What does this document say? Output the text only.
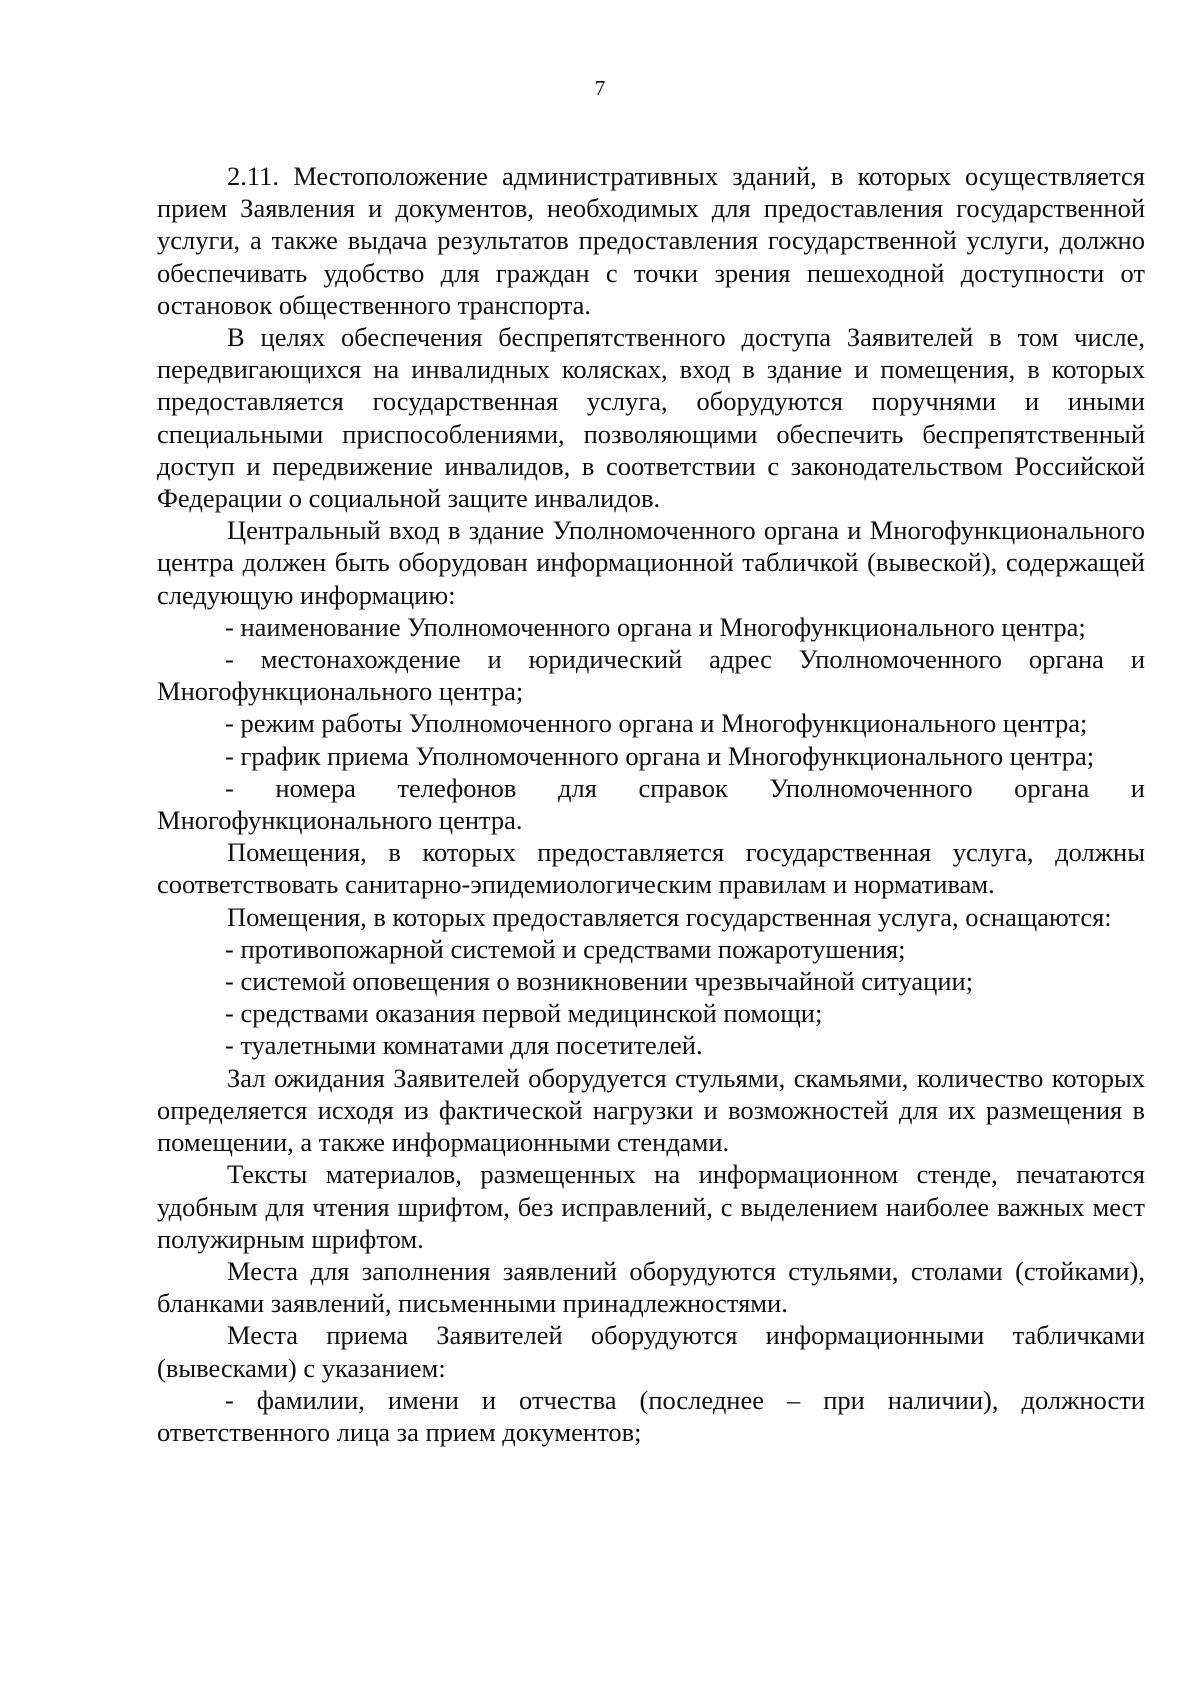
7

2.11. Местоположение административных зданий, в которых осуществляется прием Заявления и документов, необходимых для предоставления государственной услуги, а также выдача результатов предоставления государственной услуги, должно обеспечивать удобство для граждан с точки зрения пешеходной доступности от остановок общественного транспорта.

В целях обеспечения беспрепятственного доступа Заявителей в том числе, передвигающихся на инвалидных колясках, вход в здание и помещения, в которых предоставляется государственная услуга, оборудуются поручнями и иными специальными приспособлениями, позволяющими обеспечить беспрепятственный доступ и передвижение инвалидов, в соответствии с законодательством Российской Федерации о социальной защите инвалидов.

Центральный вход в здание Уполномоченного органа и Многофункционального центра должен быть оборудован информационной табличкой (вывеской), содержащей следующую информацию:

- наименование Уполномоченного органа и Многофункционального центра;

- местонахождение и юридический адрес Уполномоченного органа и Многофункционального центра;

- режим работы Уполномоченного органа и Многофункционального центра;

- график приема Уполномоченного органа и Многофункционального центра;

- номера телефонов для справок Уполномоченного органа и Многофункционального центра.

Помещения, в которых предоставляется государственная услуга, должны соответствовать санитарно-эпидемиологическим правилам и нормативам.

Помещения, в которых предоставляется государственная услуга, оснащаются:

- противопожарной системой и средствами пожаротушения;

- системой оповещения о возникновении чрезвычайной ситуации;

- средствами оказания первой медицинской помощи;

- туалетными комнатами для посетителей.

Зал ожидания Заявителей оборудуется стульями, скамьями, количество которых определяется исходя из фактической нагрузки и возможностей для их размещения в помещении, а также информационными стендами.

Тексты материалов, размещенных на информационном стенде, печатаются удобным для чтения шрифтом, без исправлений, с выделением наиболее важных мест полужирным шрифтом.

Места для заполнения заявлений оборудуются стульями, столами (стойками), бланками заявлений, письменными принадлежностями.

Места приема Заявителей оборудуются информационными табличками (вывесками) с указанием:

- фамилии, имени и отчества (последнее – при наличии), должности ответственного лица за прием документов;
